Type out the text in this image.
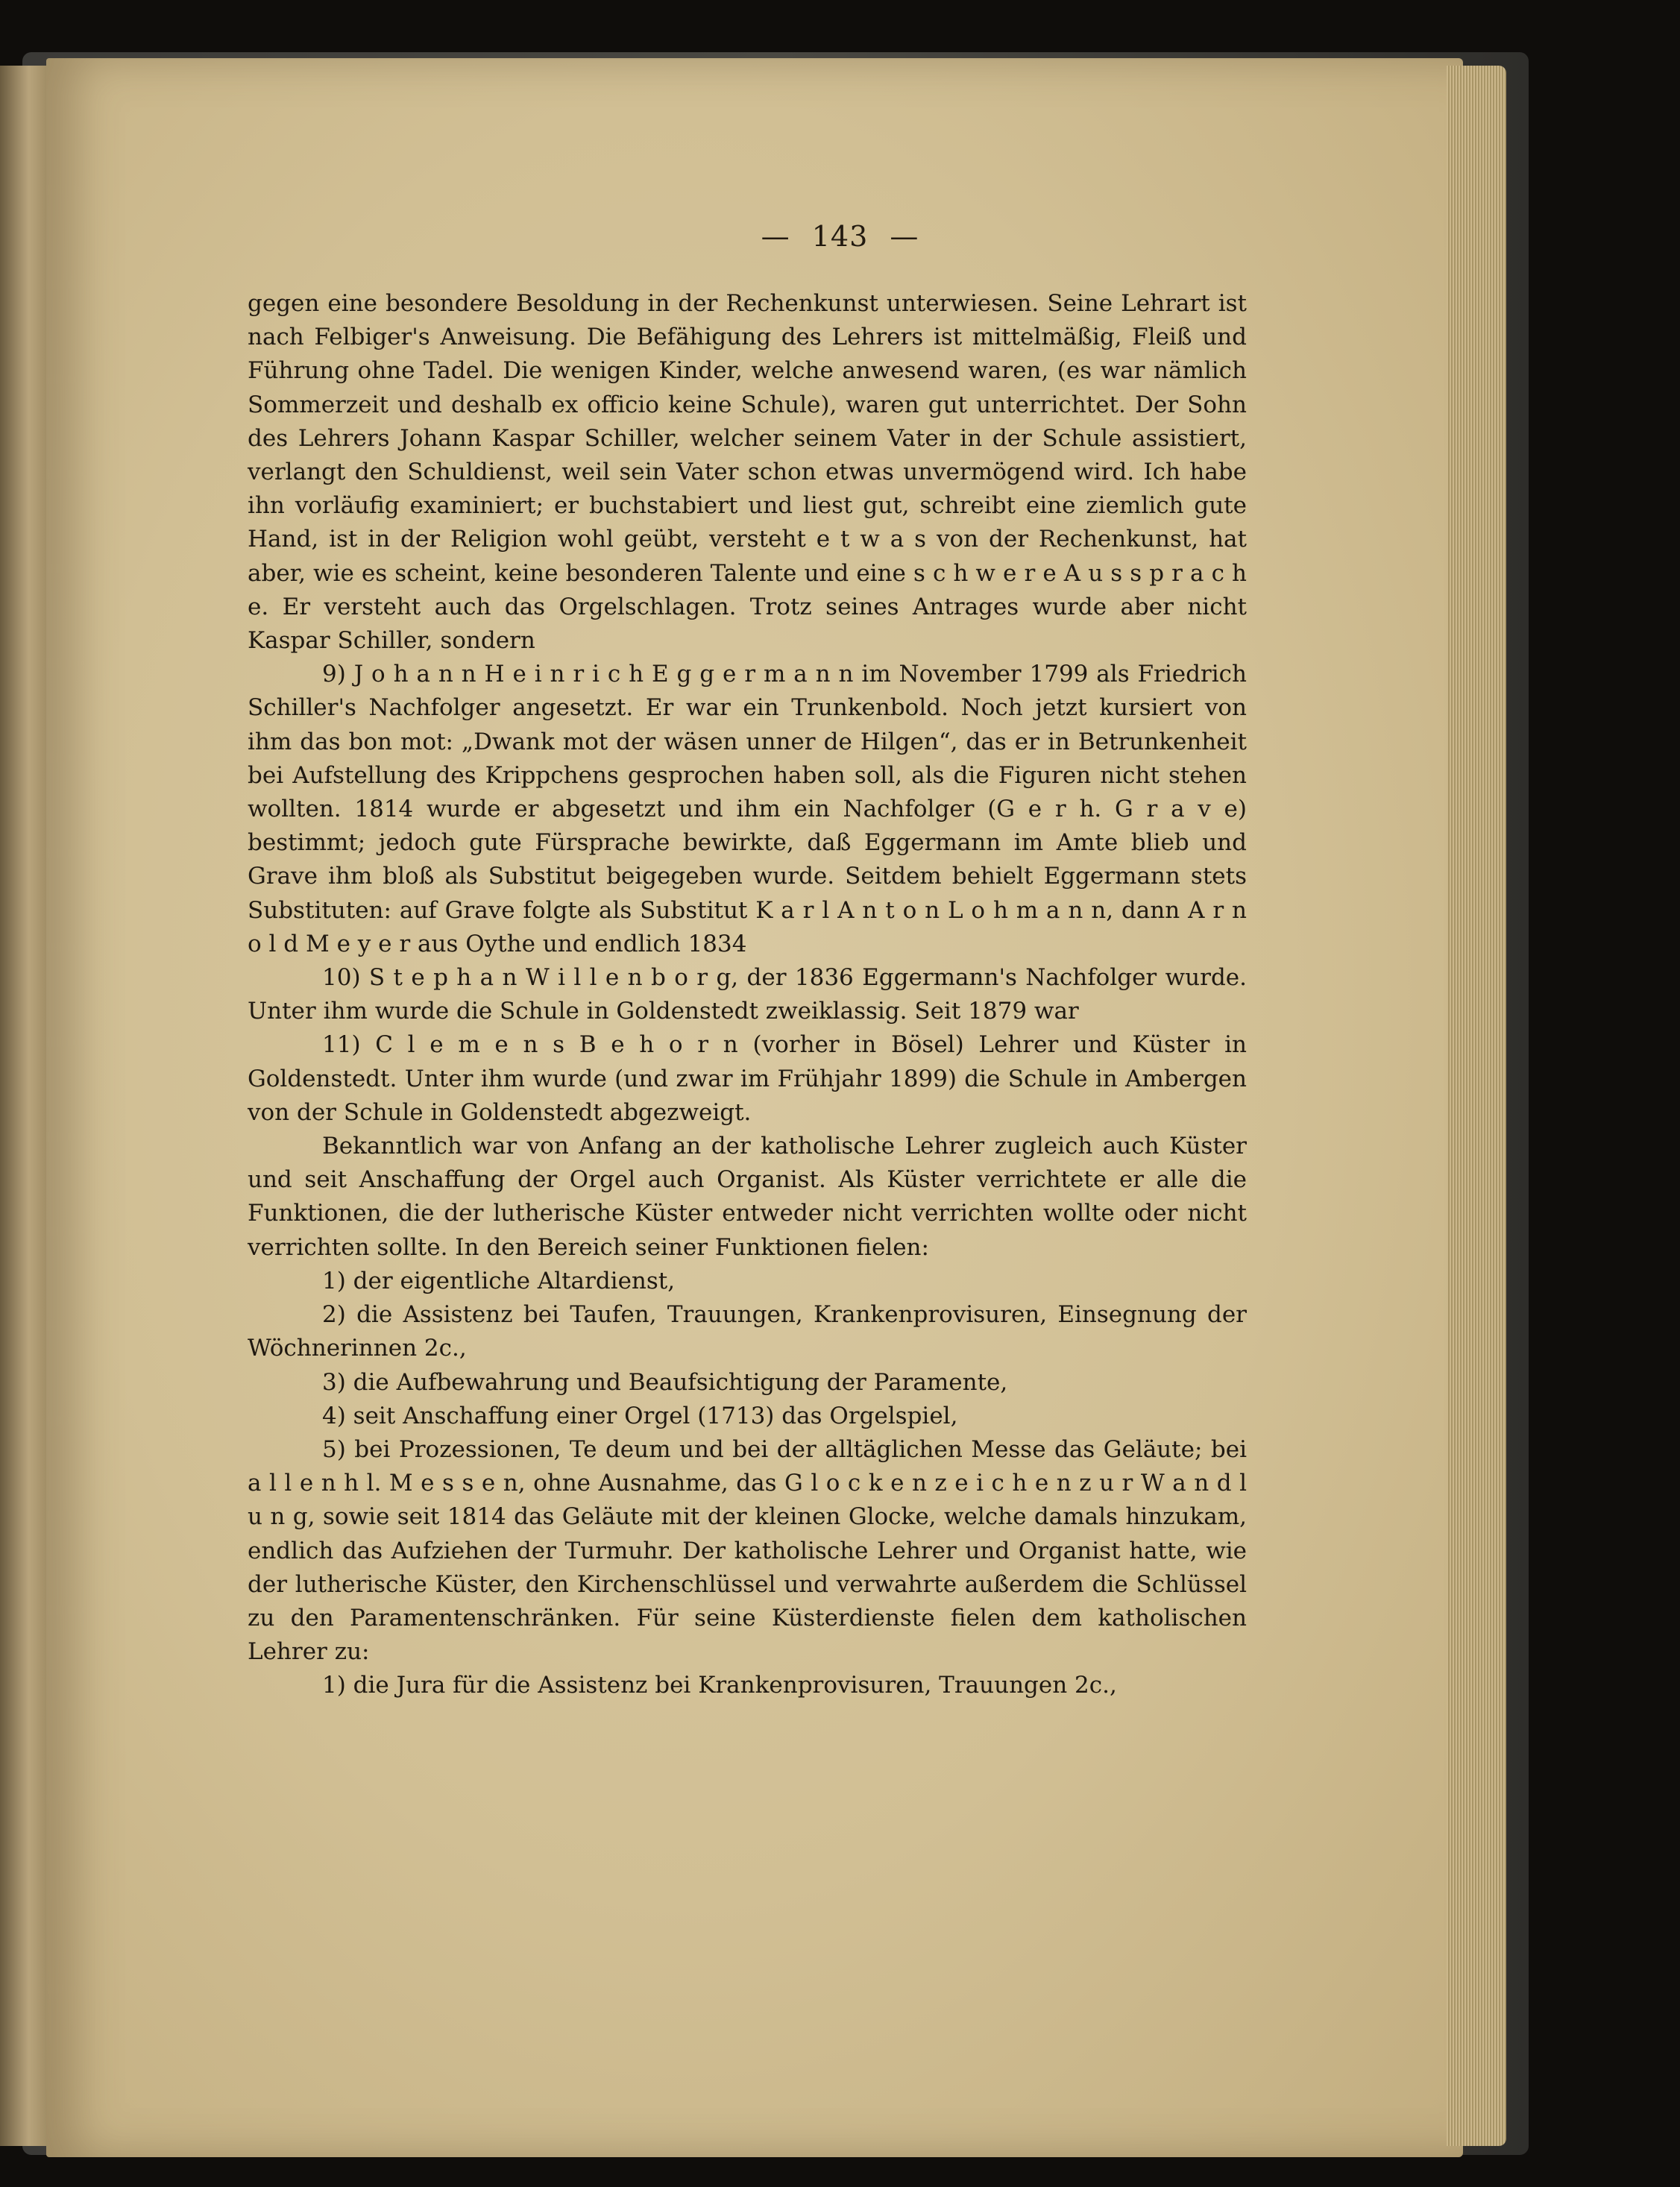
— 143 —

gegen eine besondere Besoldung in der Rechenkunst unterwiesen. Seine Lehrart ist nach Felbiger's Anweisung. Die Befähigung des Lehrers ist mittelmäßig, Fleiß und Führung ohne Tadel. Die wenigen Kinder, welche anwesend waren, (es war nämlich Sommerzeit und deshalb ex officio keine Schule), waren gut unterrichtet. Der Sohn des Lehrers Johann Kaspar Schiller, welcher seinem Vater in der Schule assistiert, verlangt den Schuldienst, weil sein Vater schon etwas unvermögend wird. Ich habe ihn vorläufig examiniert; er buchstabiert und liest gut, schreibt eine ziemlich gute Hand, ist in der Religion wohl geübt, versteht e t w a s von der Rechenkunst, hat aber, wie es scheint, keine besonderen Talente und eine s c h w e r e A u s s p r a c h e. Er versteht auch das Orgelschlagen. Trotz seines Antrages wurde aber nicht Kaspar Schiller, sondern

9) J o h a n n H e i n r i c h E g g e r m a n n im November 1799 als Friedrich Schiller's Nachfolger angesetzt. Er war ein Trunkenbold. Noch jetzt kursiert von ihm das bon mot: „Dwank mot der wäsen unner de Hilgen“, das er in Betrunkenheit bei Aufstellung des Krippchens gesprochen haben soll, als die Figuren nicht stehen wollten. 1814 wurde er abgesetzt und ihm ein Nachfolger (G e r h. G r a v e) bestimmt; jedoch gute Fürsprache bewirkte, daß Eggermann im Amte blieb und Grave ihm bloß als Substitut beigegeben wurde. Seitdem behielt Eggermann stets Substituten: auf Grave folgte als Substitut K a r l A n t o n L o h m a n n, dann A r n o l d M e y e r aus Oythe und endlich 1834

10) S t e p h a n W i l l e n b o r g, der 1836 Eggermann's Nachfolger wurde. Unter ihm wurde die Schule in Goldenstedt zweiklassig. Seit 1879 war

11) C l e m e n s B e h o r n (vorher in Bösel) Lehrer und Küster in Goldenstedt. Unter ihm wurde (und zwar im Frühjahr 1899) die Schule in Ambergen von der Schule in Goldenstedt abgezweigt.

Bekanntlich war von Anfang an der katholische Lehrer zugleich auch Küster und seit Anschaffung der Orgel auch Organist. Als Küster verrichtete er alle die Funktionen, die der lutherische Küster entweder nicht verrichten wollte oder nicht verrichten sollte. In den Bereich seiner Funktionen fielen:

1) der eigentliche Altardienst,

2) die Assistenz bei Taufen, Trauungen, Krankenprovisuren, Einsegnung der Wöchnerinnen 2c.,

3) die Aufbewahrung und Beaufsichtigung der Paramente,

4) seit Anschaffung einer Orgel (1713) das Orgelspiel,

5) bei Prozessionen, Te deum und bei der alltäglichen Messe das Geläute; bei a l l e n h l. M e s s e n, ohne Ausnahme, das G l o c k e n z e i c h e n z u r W a n d l u n g, sowie seit 1814 das Geläute mit der kleinen Glocke, welche damals hinzukam, endlich das Aufziehen der Turmuhr. Der katholische Lehrer und Organist hatte, wie der lutherische Küster, den Kirchenschlüssel und verwahrte außerdem die Schlüssel zu den Paramentenschränken. Für seine Küsterdienste fielen dem katholischen Lehrer zu:

1) die Jura für die Assistenz bei Krankenprovisuren, Trauungen 2c.,
